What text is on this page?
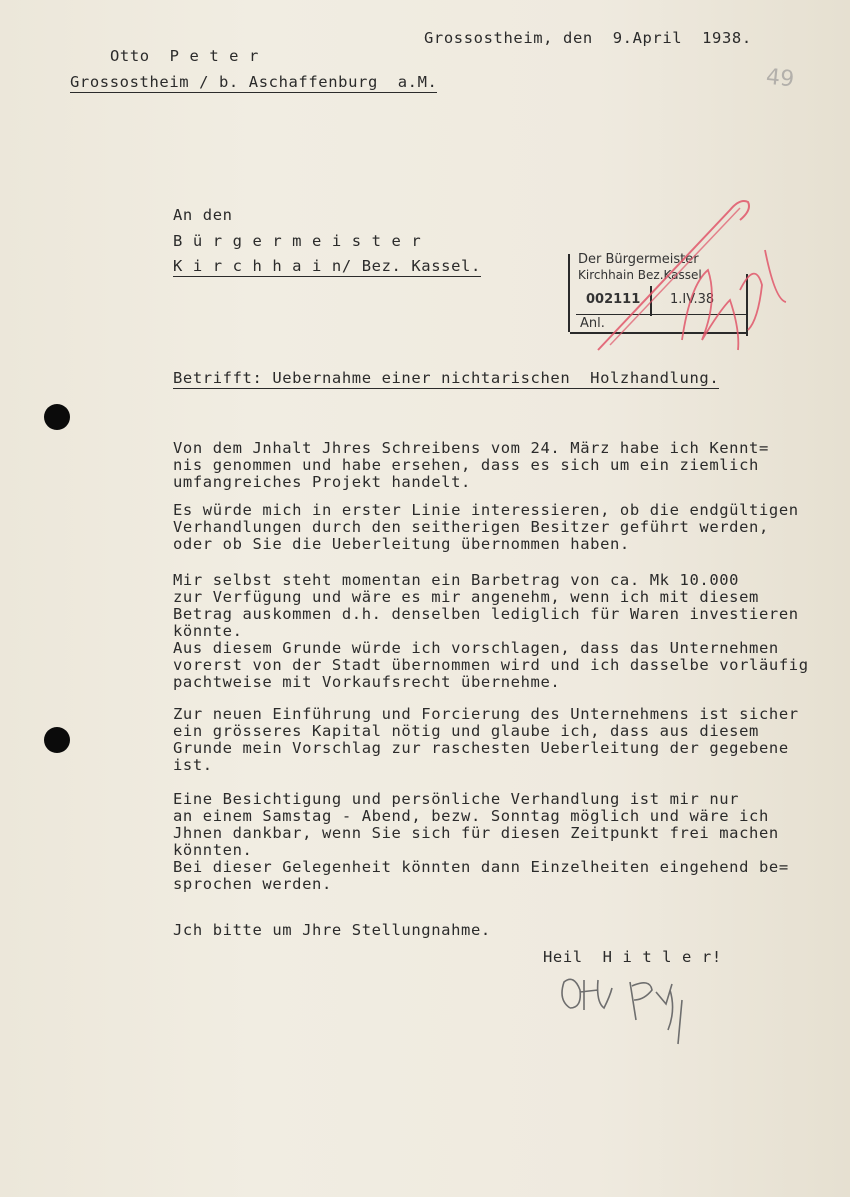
Grossostheim, den  9.April  1938.
Otto  P e t e r
Grossostheim / b. Aschaffenburg  a.M.	49
An den
B ü r g e r m e i s t e r
K i r c h h a i n/ Bez. Kassel.	Der Bürgermeister
Kirchhain Bez.Kassel
002111 1.IV.38
Anl.
Betrifft: Uebernahme einer nichtarischen  Holzhandlung.
Von dem Jnhalt Jhres Schreibens vom 24. März habe ich Kennt=
nis genommen und habe ersehen, dass es sich um ein ziemlich
umfangreiches Projekt handelt.
Es würde mich in erster Linie interessieren, ob die endgültigen
Verhandlungen durch den seitherigen Besitzer geführt werden,
oder ob Sie die Ueberleitung übernommen haben.
Mir selbst steht momentan ein Barbetrag von ca. Mk 10.000
zur Verfügung und wäre es mir angenehm, wenn ich mit diesem
Betrag auskommen d.h. denselben lediglich für Waren investieren
könnte.
Aus diesem Grunde würde ich vorschlagen, dass das Unternehmen
vorerst von der Stadt übernommen wird und ich dasselbe vorläufig
pachtweise mit Vorkaufsrecht übernehme.
Zur neuen Einführung und Forcierung des Unternehmens ist sicher
ein grösseres Kapital nötig und glaube ich, dass aus diesem
Grunde mein Vorschlag zur raschesten Ueberleitung der gegebene
ist.
Eine Besichtigung und persönliche Verhandlung ist mir nur
an einem Samstag - Abend, bezw. Sonntag möglich und wäre ich
Jhnen dankbar, wenn Sie sich für diesen Zeitpunkt frei machen
könnten.
Bei dieser Gelegenheit könnten dann Einzelheiten eingehend be=
sprochen werden.
Jch bitte um Jhre Stellungnahme.
Heil  H i t l e r!
